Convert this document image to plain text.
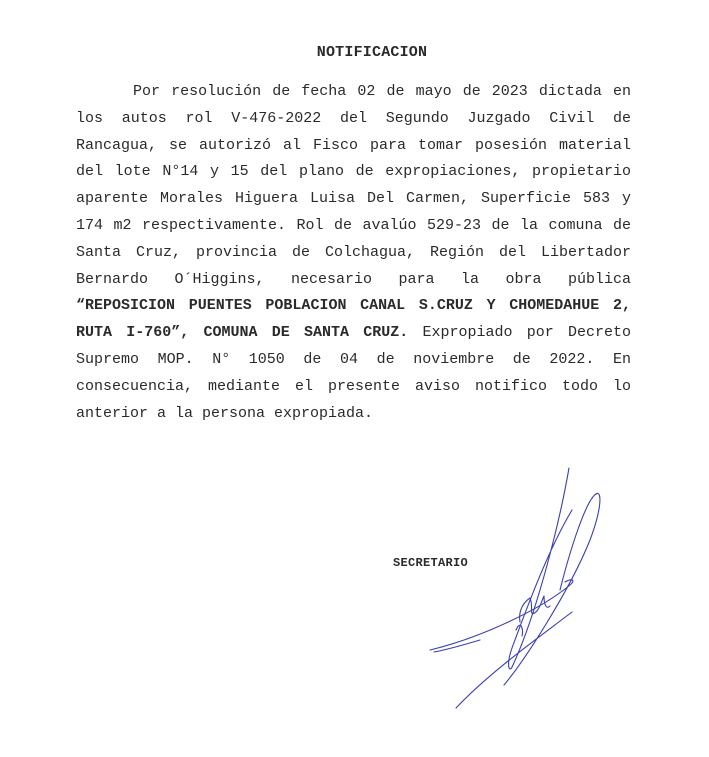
NOTIFICACION

Por resolución de fecha 02 de mayo de 2023 dictada en los autos rol V-476-2022 del Segundo Juzgado Civil de Rancagua, se autorizó al Fisco para tomar posesión material del lote N°14 y 15 del plano de expropiaciones, propietario aparente Morales Higuera Luisa Del Carmen, Superficie 583 y 174 m2 respectivamente. Rol de avalúo 529-23 de la comuna de Santa Cruz, provincia de Colchagua, Región del Libertador Bernardo O´Higgins, necesario para la obra pública “REPOSICION PUENTES POBLACION CANAL S.CRUZ Y CHOMEDAHUE 2, RUTA I-760”, COMUNA DE SANTA CRUZ. Expropiado por Decreto Supremo MOP. N° 1050 de 04 de noviembre de 2022. En consecuencia, mediante el presente aviso notifico todo lo anterior a la persona expropiada.

SECRETARIO
